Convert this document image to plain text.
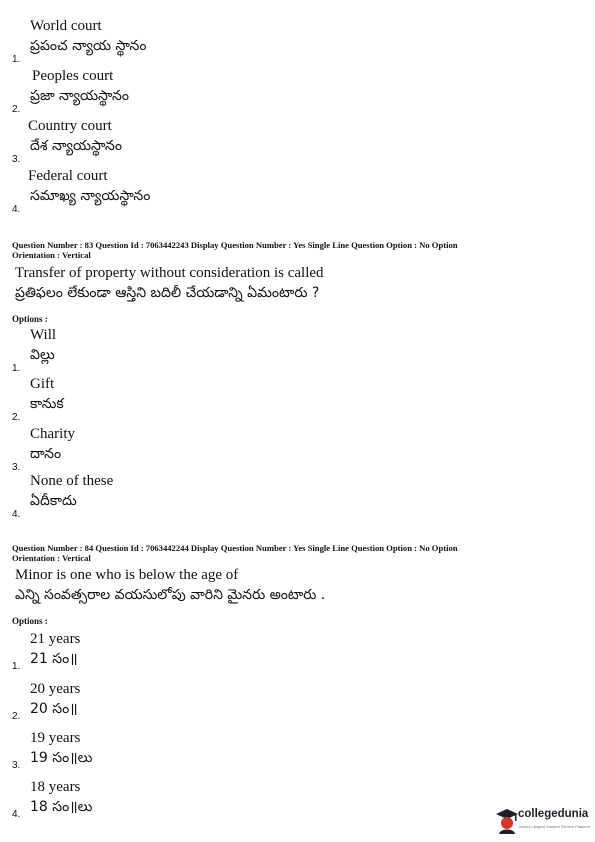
World court
ప్రపంచ న్యాయ స్థానం
1.
Peoples court
ప్రజా న్యాయస్థానం
2.
Country court
దేశ న్యాయస్థానం
3.
Federal court
సమాఖ్య న్యాయస్థానం
4.
Question Number : 83 Question Id : 7063442243 Display Question Number : Yes Single Line Question Option : No Option
Orientation : Vertical
Transfer of property without consideration is called
ప్రతిఫలం లేకుండా ఆస్తిని బదిలీ చేయడాన్ని ఏమంటారు ?
Options :
Will
విల్లు
1.
Gift
కానుక
2.
Charity
దానం
3.
None of these
ఏదీకాదు
4.
Question Number : 84 Question Id : 7063442244 Display Question Number : Yes Single Line Question Option : No Option
Orientation : Vertical
Minor is one who is below the age of
ఎన్ని సంవత్సరాల వయసులోపు వారిని మైనరు అంటారు .
Options :
21 years
21 సం॥
1.
20 years
20 సం॥
2.
19 years
19 సం॥లు
3.
18 years
18 సం॥లు
4.	collegedunia
India's Largest Student Review Platform
